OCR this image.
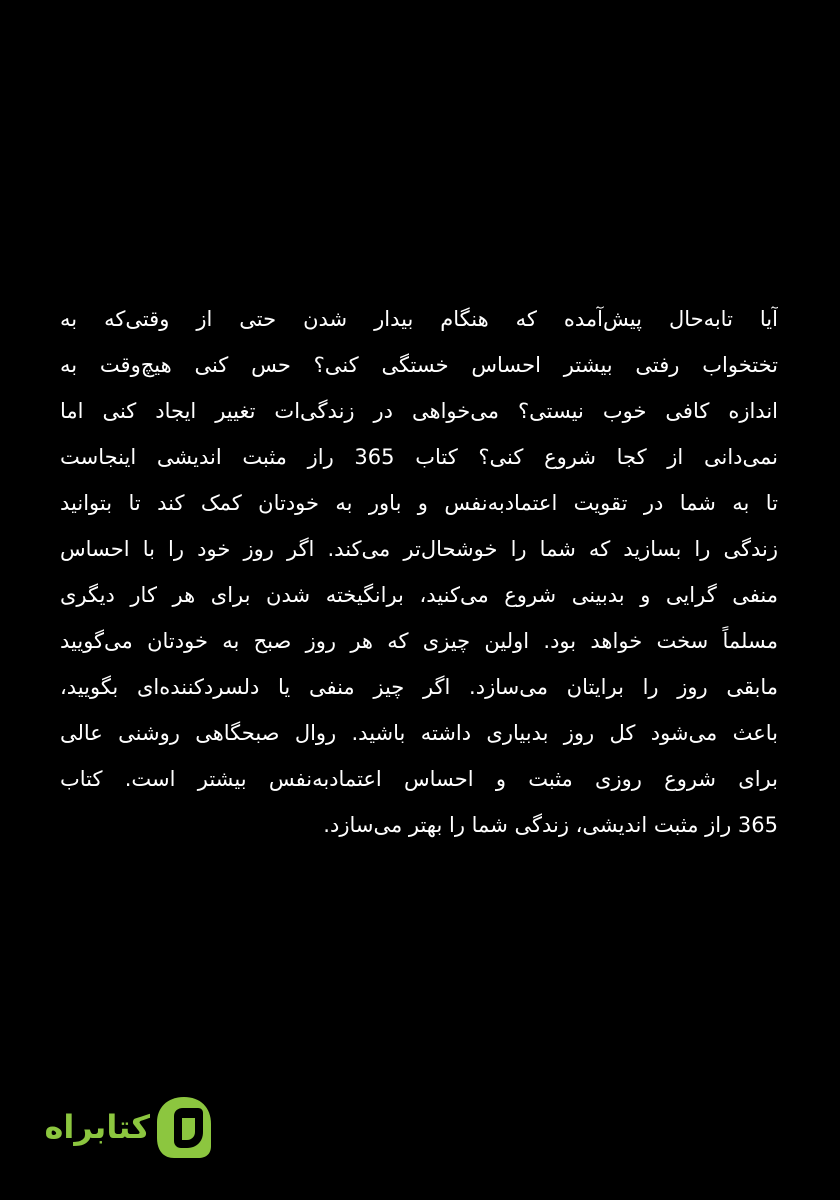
آیا تابه‌حال پیش‌آمده که هنگام بیدار شدن حتی از وقتی‌که به
تختخواب رفتی بیشتر احساس خستگی کنی؟ حس کنی هیچ‌وقت به
اندازه کافی خوب نیستی؟ می‌خواهی در زندگی‌ات تغییر ایجاد کنی اما
نمی‌دانی از کجا شروع کنی؟ کتاب 365 راز مثبت اندیشی اینجاست
تا به شما در تقویت اعتمادبه‌نفس و باور به خودتان کمک کند تا بتوانید
زندگی را بسازید که شما را خوشحال‌تر می‌کند. اگر روز خود را با احساس
منفی گرایی و بدبینی شروع می‌کنید، برانگیخته شدن برای هر کار دیگری
مسلماً سخت خواهد بود. اولین چیزی که هر روز صبح به خودتان می‌گویید
مابقی روز را برایتان می‌سازد. اگر چیز منفی یا دلسردکننده‌ای بگویید،
باعث می‌شود کل روز بدبیاری داشته باشید. روال صبحگاهی روشنی عالی
برای شروع روزی مثبت و احساس اعتمادبه‌نفس بیشتر است. کتاب
365 راز مثبت اندیشی، زندگی شما را بهتر می‌سازد.
کتابراه
